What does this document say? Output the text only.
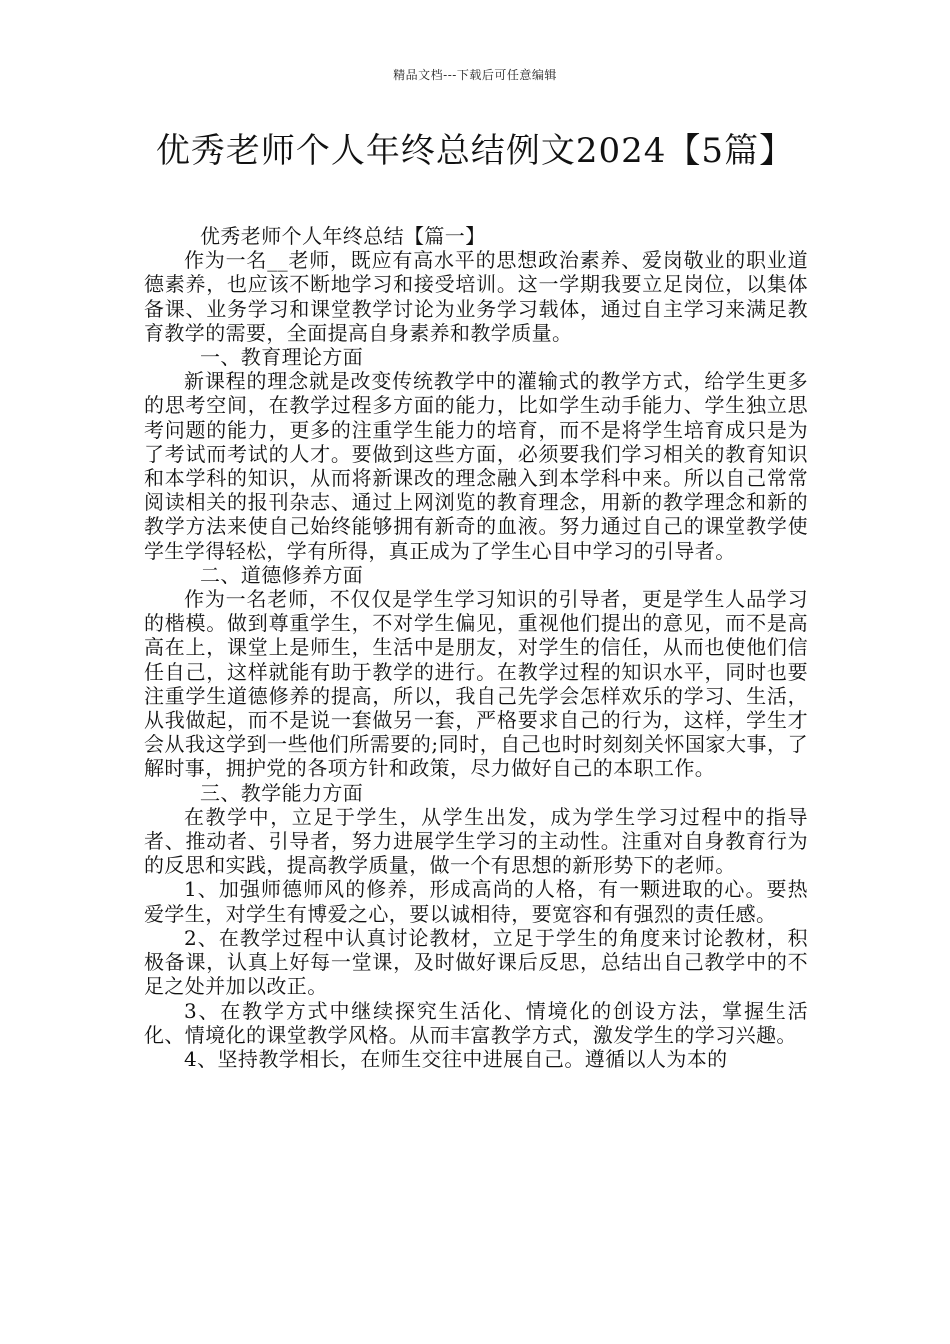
精品文档---下载后可任意编辑
优秀老师个人年终总结例文2024【5篇】

优秀老师个人年终总结【篇一】

作为一名__老师，既应有高水平的思想政治素养、爱岗敬业的职业道德素养，也应该不断地学习和接受培训。这一学期我要立足岗位，以集体备课、业务学习和课堂教学讨论为业务学习载体，通过自主学习来满足教育教学的需要，全面提高自身素养和教学质量。

一、教育理论方面

新课程的理念就是改变传统教学中的灌输式的教学方式，给学生更多的思考空间，在教学过程多方面的能力，比如学生动手能力、学生独立思考问题的能力，更多的注重学生能力的培育，而不是将学生培育成只是为了考试而考试的人才。要做到这些方面，必须要我们学习相关的教育知识和本学科的知识，从而将新课改的理念融入到本学科中来。所以自己常常阅读相关的报刊杂志、通过上网浏览的教育理念，用新的教学理念和新的教学方法来使自己始终能够拥有新奇的血液。努力通过自己的课堂教学使学生学得轻松，学有所得，真正成为了学生心目中学习的引导者。

二、道德修养方面

作为一名老师，不仅仅是学生学习知识的引导者，更是学生人品学习的楷模。做到尊重学生，不对学生偏见，重视他们提出的意见，而不是高高在上，课堂上是师生，生活中是朋友，对学生的信任，从而也使他们信任自己，这样就能有助于教学的进行。在教学过程的知识水平，同时也要注重学生道德修养的提高，所以，我自己先学会怎样欢乐的学习、生活，从我做起，而不是说一套做另一套，严格要求自己的行为，这样，学生才会从我这学到一些他们所需要的;同时，自己也时时刻刻关怀国家大事，了解时事，拥护党的各项方针和政策，尽力做好自己的本职工作。

三、教学能力方面

在教学中，立足于学生，从学生出发，成为学生学习过程中的指导者、推动者、引导者，努力进展学生学习的主动性。注重对自身教育行为的反思和实践，提高教学质量，做一个有思想的新形势下的老师。

1、加强师德师风的修养，形成高尚的人格，有一颗进取的心。要热爱学生，对学生有博爱之心，要以诚相待，要宽容和有强烈的责任感。

2、在教学过程中认真讨论教材，立足于学生的角度来讨论教材，积极备课，认真上好每一堂课，及时做好课后反思，总结出自己教学中的不足之处并加以改正。

3、在教学方式中继续探究生活化、情境化的创设方法，掌握生活化、情境化的课堂教学风格。从而丰富教学方式，激发学生的学习兴趣。

4、坚持教学相长，在师生交往中进展自己。遵循以人为本的
